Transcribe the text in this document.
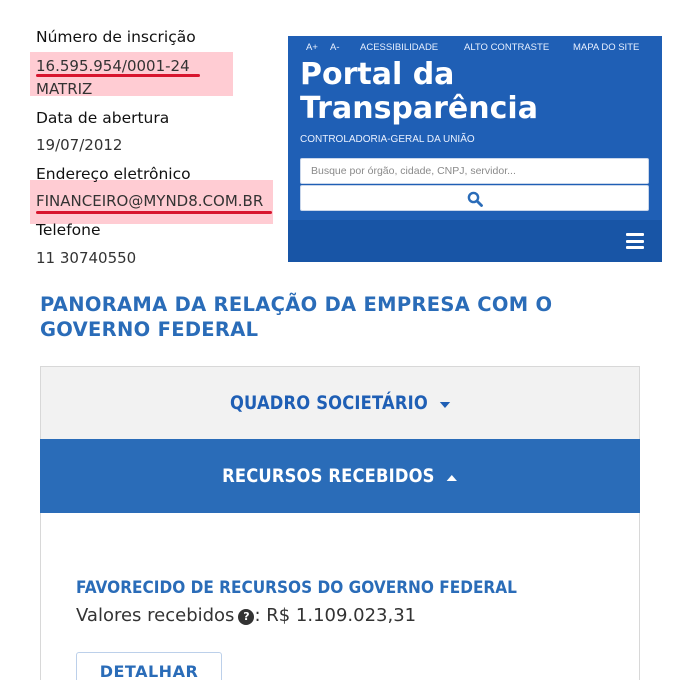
Número de inscrição
16.595.954/0001-24
MATRIZ
Data de abertura
19/07/2012
Endereço eletrônico
FINANCEIRO@MYND8.COM.BR
Telefone
11 30740550
A+ A- ACESSIBILIDADE	ALTO CONTRASTE	MAPA DO SITE
Portal da
Transparência
CONTROLADORIA-GERAL DA UNIÃO
Busque por órgão, cidade, CNPJ, servidor...
PANORAMA DA RELAÇÃO DA EMPRESA COM O
GOVERNO FEDERAL
QUADRO SOCIETÁRIO
RECURSOS RECEBIDOS
FAVORECIDO DE RECURSOS DO GOVERNO FEDERAL
Valores recebidos ? : R$ 1.109.023,31
DETALHAR
